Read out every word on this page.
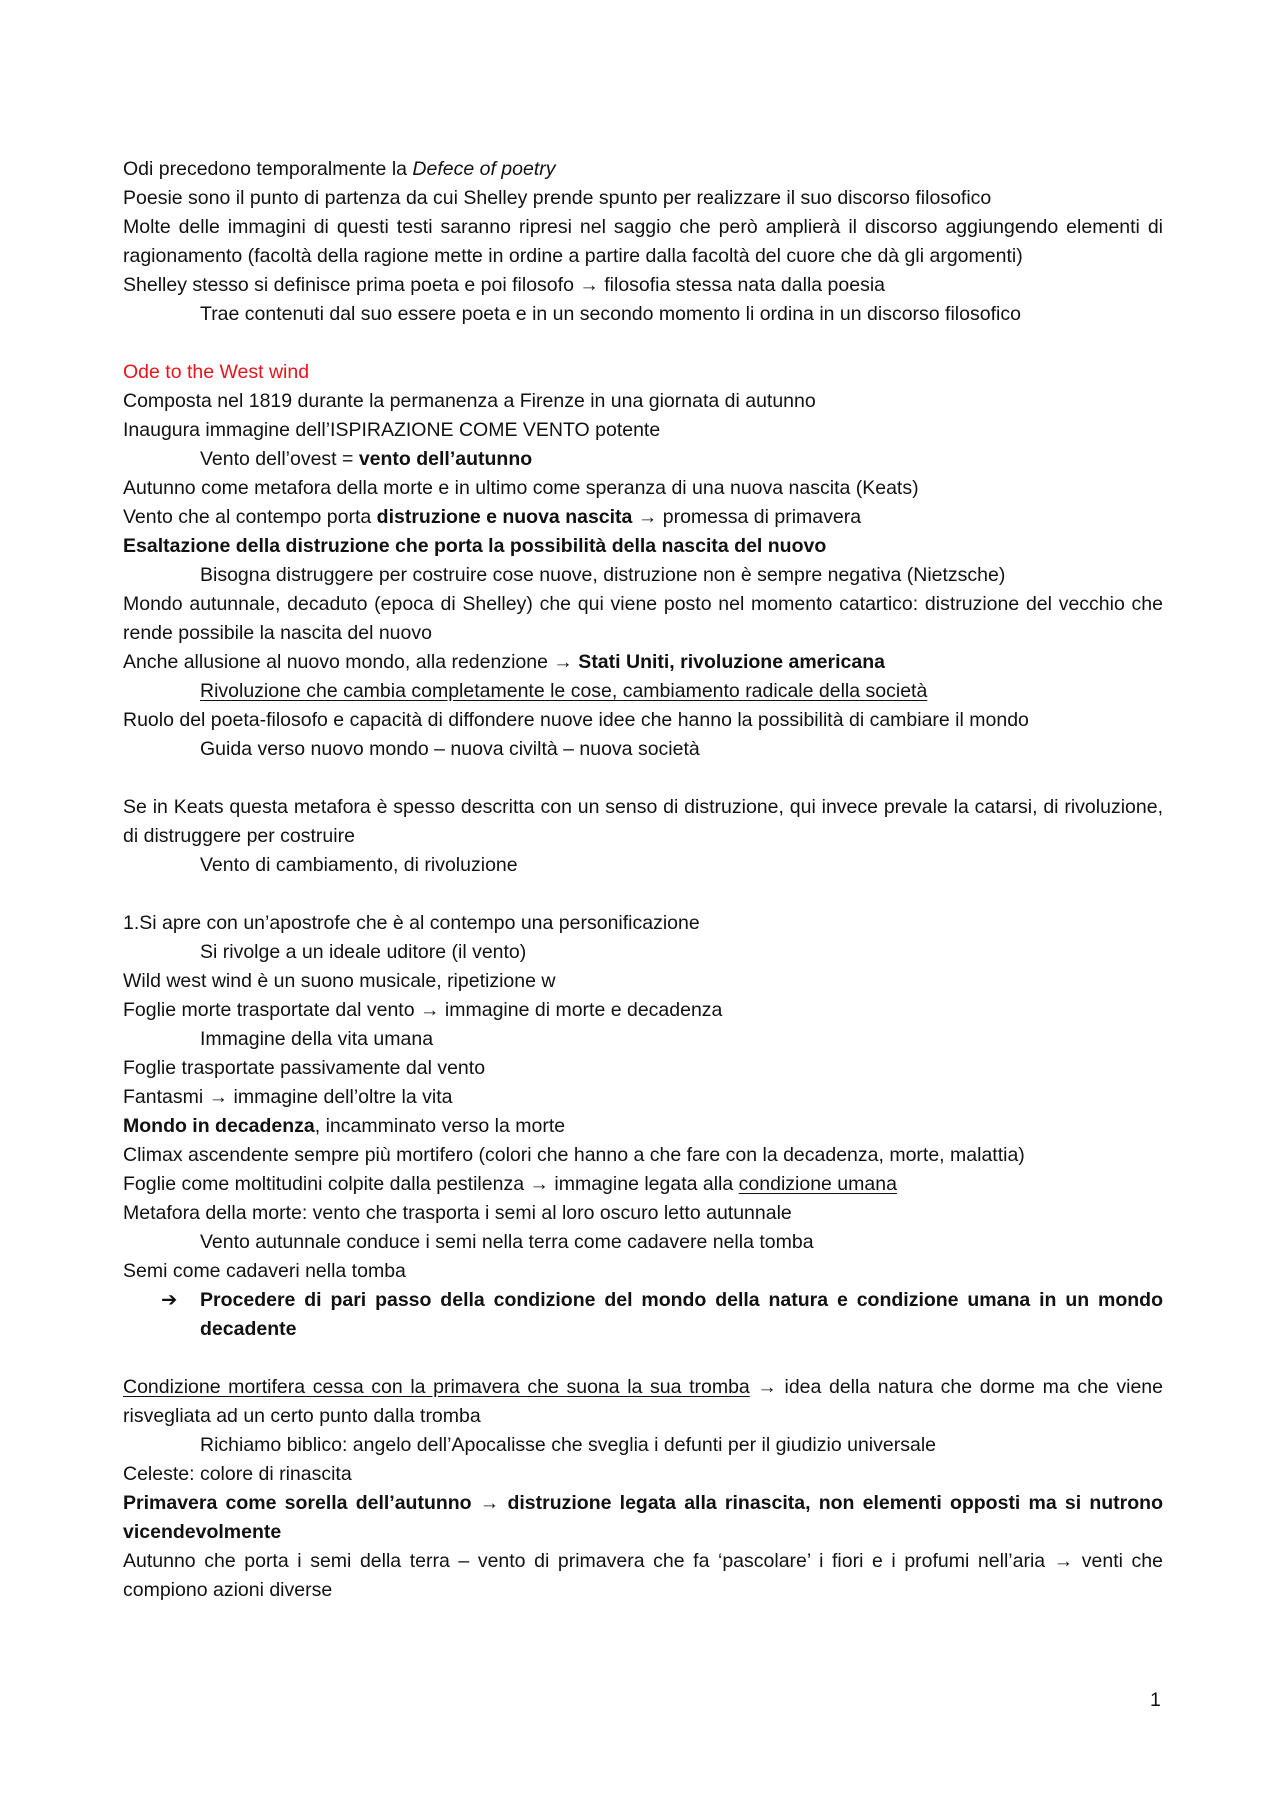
Odi precedono temporalmente la Defece of poetry
Poesie sono il punto di partenza da cui Shelley prende spunto per realizzare il suo discorso filosofico
Molte delle immagini di questi testi saranno ripresi nel saggio che però amplierà il discorso aggiungendo elementi di ragionamento (facoltà della ragione mette in ordine a partire dalla facoltà del cuore che dà gli argomenti)
Shelley stesso si definisce prima poeta e poi filosofo → filosofia stessa nata dalla poesia
Trae contenuti dal suo essere poeta e in un secondo momento li ordina in un discorso filosofico
Ode to the West wind
Composta nel 1819 durante la permanenza a Firenze in una giornata di autunno
Inaugura immagine dell’ISPIRAZIONE COME VENTO potente
Vento dell’ovest = vento dell’autunno
Autunno come metafora della morte e in ultimo come speranza di una nuova nascita (Keats)
Vento che al contempo porta distruzione e nuova nascita → promessa di primavera
Esaltazione della distruzione che porta la possibilità della nascita del nuovo
Bisogna distruggere per costruire cose nuove, distruzione non è sempre negativa (Nietzsche)
Mondo autunnale, decaduto (epoca di Shelley) che qui viene posto nel momento catartico: distruzione del vecchio che rende possibile la nascita del nuovo
Anche allusione al nuovo mondo, alla redenzione → Stati Uniti, rivoluzione americana
Rivoluzione che cambia completamente le cose, cambiamento radicale della società
Ruolo del poeta-filosofo e capacità di diffondere nuove idee che hanno la possibilità di cambiare il mondo
Guida verso nuovo mondo – nuova civiltà – nuova società
Se in Keats questa metafora è spesso descritta con un senso di distruzione, qui invece prevale la catarsi, di rivoluzione, di distruggere per costruire
Vento di cambiamento, di rivoluzione
1.Si apre con un’apostrofe che è al contempo una personificazione
Si rivolge a un ideale uditore (il vento)
Wild west wind è un suono musicale, ripetizione w
Foglie morte trasportate dal vento → immagine di morte e decadenza
Immagine della vita umana
Foglie trasportate passivamente dal vento
Fantasmi → immagine dell’oltre la vita
Mondo in decadenza, incamminato verso la morte
Climax ascendente sempre più mortifero (colori che hanno a che fare con la decadenza, morte, malattia)
Foglie come moltitudini colpite dalla pestilenza → immagine legata alla condizione umana
Metafora della morte: vento che trasporta i semi al loro oscuro letto autunnale
Vento autunnale conduce i semi nella terra come cadavere nella tomba
Semi come cadaveri nella tomba
➔	Procedere di pari passo della condizione del mondo della natura e condizione umana in un mondo decadente
Condizione mortifera cessa con la primavera che suona la sua tromba → idea della natura che dorme ma che viene risvegliata ad un certo punto dalla tromba
Richiamo biblico: angelo dell’Apocalisse che sveglia i defunti per il giudizio universale
Celeste: colore di rinascita
Primavera come sorella dell’autunno → distruzione legata alla rinascita, non elementi opposti ma si nutrono vicendevolmente
Autunno che porta i semi della terra – vento di primavera che fa ‘pascolare’ i fiori e i profumi nell’aria → venti che compiono azioni diverse
1
